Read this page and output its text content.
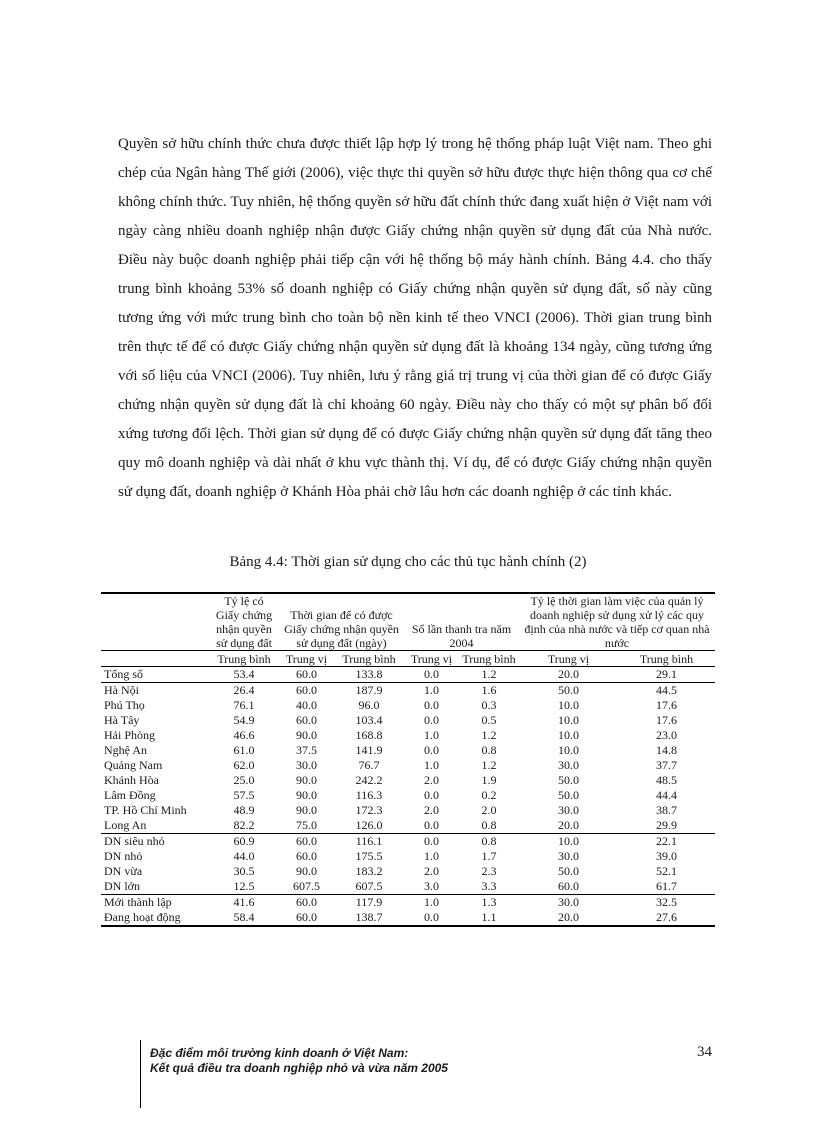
Quyền sở hữu chính thức chưa được thiết lập hợp lý trong hệ thống pháp luật Việt nam. Theo ghi chép của Ngân hàng Thế giới (2006), việc thực thi quyền sở hữu được thực hiện thông qua cơ chế không chính thức. Tuy nhiên, hệ thống quyền sở hữu đất chính thức đang xuất hiện ở Việt nam với ngày càng nhiều doanh nghiệp nhận được Giấy chứng nhận quyền sử dụng đất của Nhà nước. Điều này buộc doanh nghiệp phải tiếp cận với hệ thống bộ máy hành chính. Bảng 4.4. cho thấy trung bình khoảng 53% số doanh nghiệp có Giấy chứng nhận quyền sử dụng đất, số này cũng tương ứng với mức trung bình cho toàn bộ nền kinh tế theo VNCI (2006). Thời gian trung bình trên thực tế để có được Giấy chứng nhận quyền sử dụng đất là khoảng 134 ngày, cũng tương ứng với số liệu của VNCI (2006). Tuy nhiên, lưu ý rằng giá trị trung vị của thời gian để có được Giấy chứng nhận quyền sử dụng đất là chỉ khoảng 60 ngày. Điều này cho thấy có một sự phân bố đối xứng tương đối lệch. Thời gian sử dụng để có được Giấy chứng nhận quyền sử dụng đất tăng theo quy mô doanh nghiệp và dài nhất ở khu vực thành thị. Ví dụ, để có được Giấy chứng nhận quyền sử dụng đất, doanh nghiệp ở Khánh Hòa phải chờ lâu hơn các doanh nghiệp ở các tỉnh khác.

Bảng 4.4: Thời gian sử dụng cho các thủ tục hành chính (2)
	Tỷ lệ có Giấy chứng nhận quyền sử dụng đất	Thời gian để có được Giấy chứng nhận quyền sử dụng đất (ngày)		Số lần thanh tra năm 2004		Tỷ lệ thời gian làm việc của quản lý doanh nghiệp sử dụng xử lý các quy định của nhà nước và tiếp cơ quan nhà nước	
	Trung bình	Trung vị	Trung bình	Trung vị	Trung bình	Trung vị	Trung bình
Tổng số	53.4	60.0	133.8	0.0	1.2	20.0	29.1
Hà Nội	26.4	60.0	187.9	1.0	1.6	50.0	44.5
Phú Thọ	76.1	40.0	96.0	0.0	0.3	10.0	17.6
Hà Tây	54.9	60.0	103.4	0.0	0.5	10.0	17.6
Hải Phòng	46.6	90.0	168.8	1.0	1.2	10.0	23.0
Nghệ An	61.0	37.5	141.9	0.0	0.8	10.0	14.8
Quảng Nam	62.0	30.0	76.7	1.0	1.2	30.0	37.7
Khánh Hòa	25.0	90.0	242.2	2.0	1.9	50.0	48.5
Lâm Đồng	57.5	90.0	116.3	0.0	0.2	50.0	44.4
TP. Hồ Chí Minh	48.9	90.0	172.3	2.0	2.0	30.0	38.7
Long An	82.2	75.0	126.0	0.0	0.8	20.0	29.9
DN siêu nhỏ	60.9	60.0	116.1	0.0	0.8	10.0	22.1
DN nhỏ	44.0	60.0	175.5	1.0	1.7	30.0	39.0
DN vừa	30.5	90.0	183.2	2.0	2.3	50.0	52.1
DN lớn	12.5	607.5	607.5	3.0	3.3	60.0	61.7
Mới thành lập	41.6	60.0	117.9	1.0	1.3	30.0	32.5
Đang hoạt động	58.4	60.0	138.7	0.0	1.1	20.0	27.6
Đặc điểm môi trường kinh doanh ở Việt Nam:
Kết quả điều tra doanh nghiệp nhỏ và vừa năm 2005
34
